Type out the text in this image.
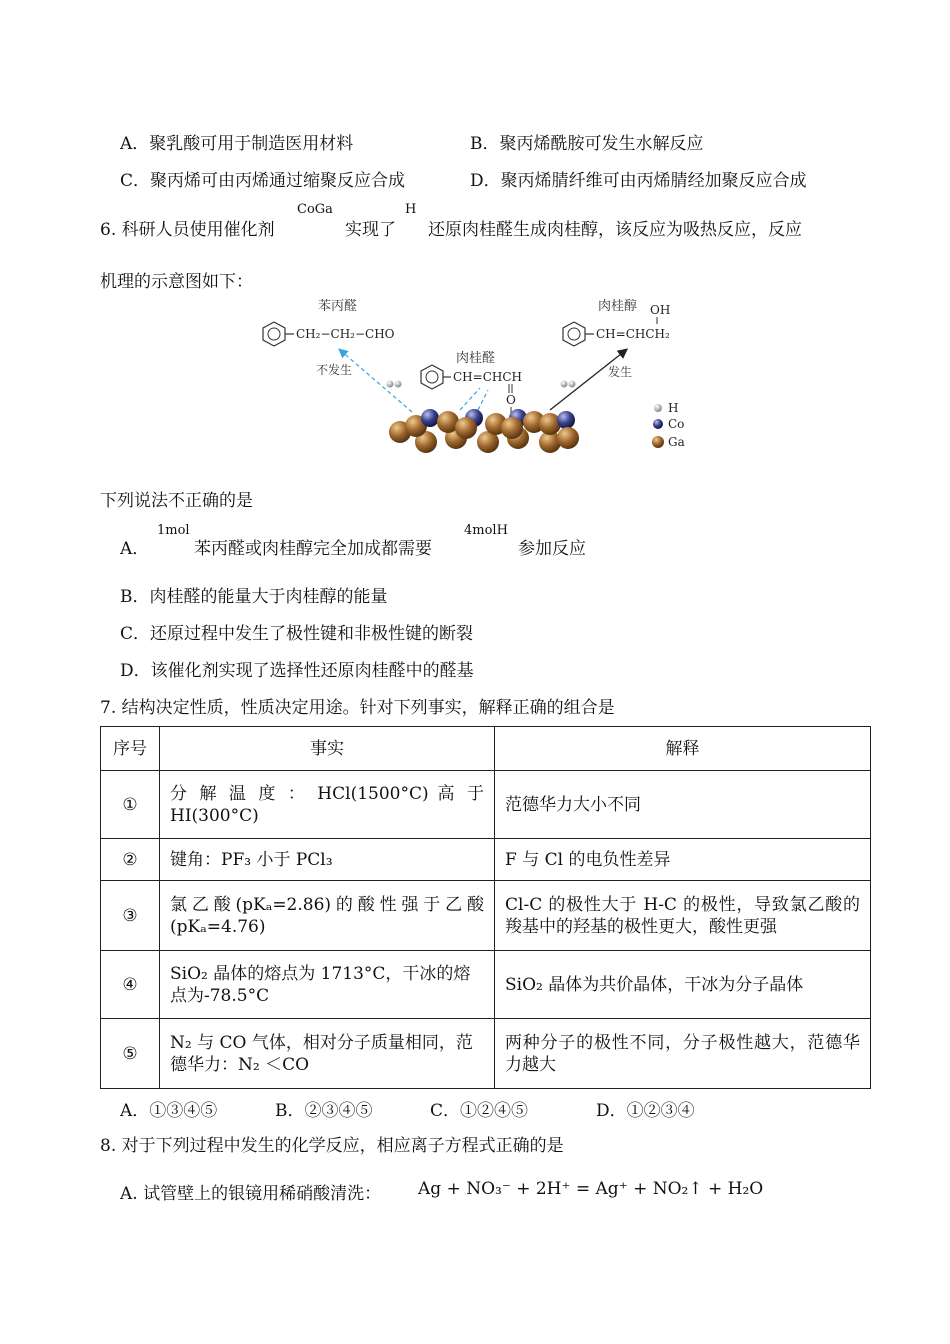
A．聚乳酸可用于制造医用材料	B．聚丙烯酰胺可发生水解反应
C．聚丙烯可由丙烯通过缩聚反应合成	D．聚丙烯腈纤维可由丙烯腈经加聚反应合成
6. 科研人员使用催化剂
CoGa
实现了
H
还原肉桂醛生成肉桂醇，该反应为吸热反应，反应
机理的示意图如下：
苯丙醛
CH₂−CH₂−CHO
不发生
肉桂醛
CH=CHCH
O
肉桂醇 OH
CH=CHCH₂
发生
H
Co
Ga
下列说法不正确的是
A．
1mol
苯丙醛或肉桂醇完全加成都需要
4molH
参加反应
B．肉桂醛的能量大于肉桂醇的能量
C．还原过程中发生了极性键和非极性键的断裂
D．该催化剂实现了选择性还原肉桂醛中的醛基
7. 结构决定性质，性质决定用途。针对下列事实，解释正确的组合是
序号	事实	解释
①	分 解 温 度 ： HCl(1500°C) 高 于 HI(300°C)	范德华力大小不同
②	键角：PF₃ 小于 PCl₃	F 与 Cl 的电负性差异
③	氯乙酸(pKₐ=2.86)的酸性强于乙酸(pKₐ=4.76)	Cl-C 的极性大于 H-C 的极性，导致氯乙酸的羧基中的羟基的极性更大，酸性更强
④	SiO₂ 晶体的熔点为 1713°C，干冰的熔点为-78.5°C	SiO₂ 晶体为共价晶体，干冰为分子晶体
⑤	N₂ 与 CO 气体，相对分子质量相同，范德华力：N₂ ＜CO	两种分子的极性不同，分子极性越大，范德华力越大
A．①③④⑤	B．②③④⑤	C．①②④⑤	D．①②③④
8. 对于下列过程中发生的化学反应，相应离子方程式正确的是
A. 试管壁上的银镜用稀硝酸清洗： Ag + NO₃⁻ + 2H⁺ = Ag⁺ + NO₂↑ + H₂O
